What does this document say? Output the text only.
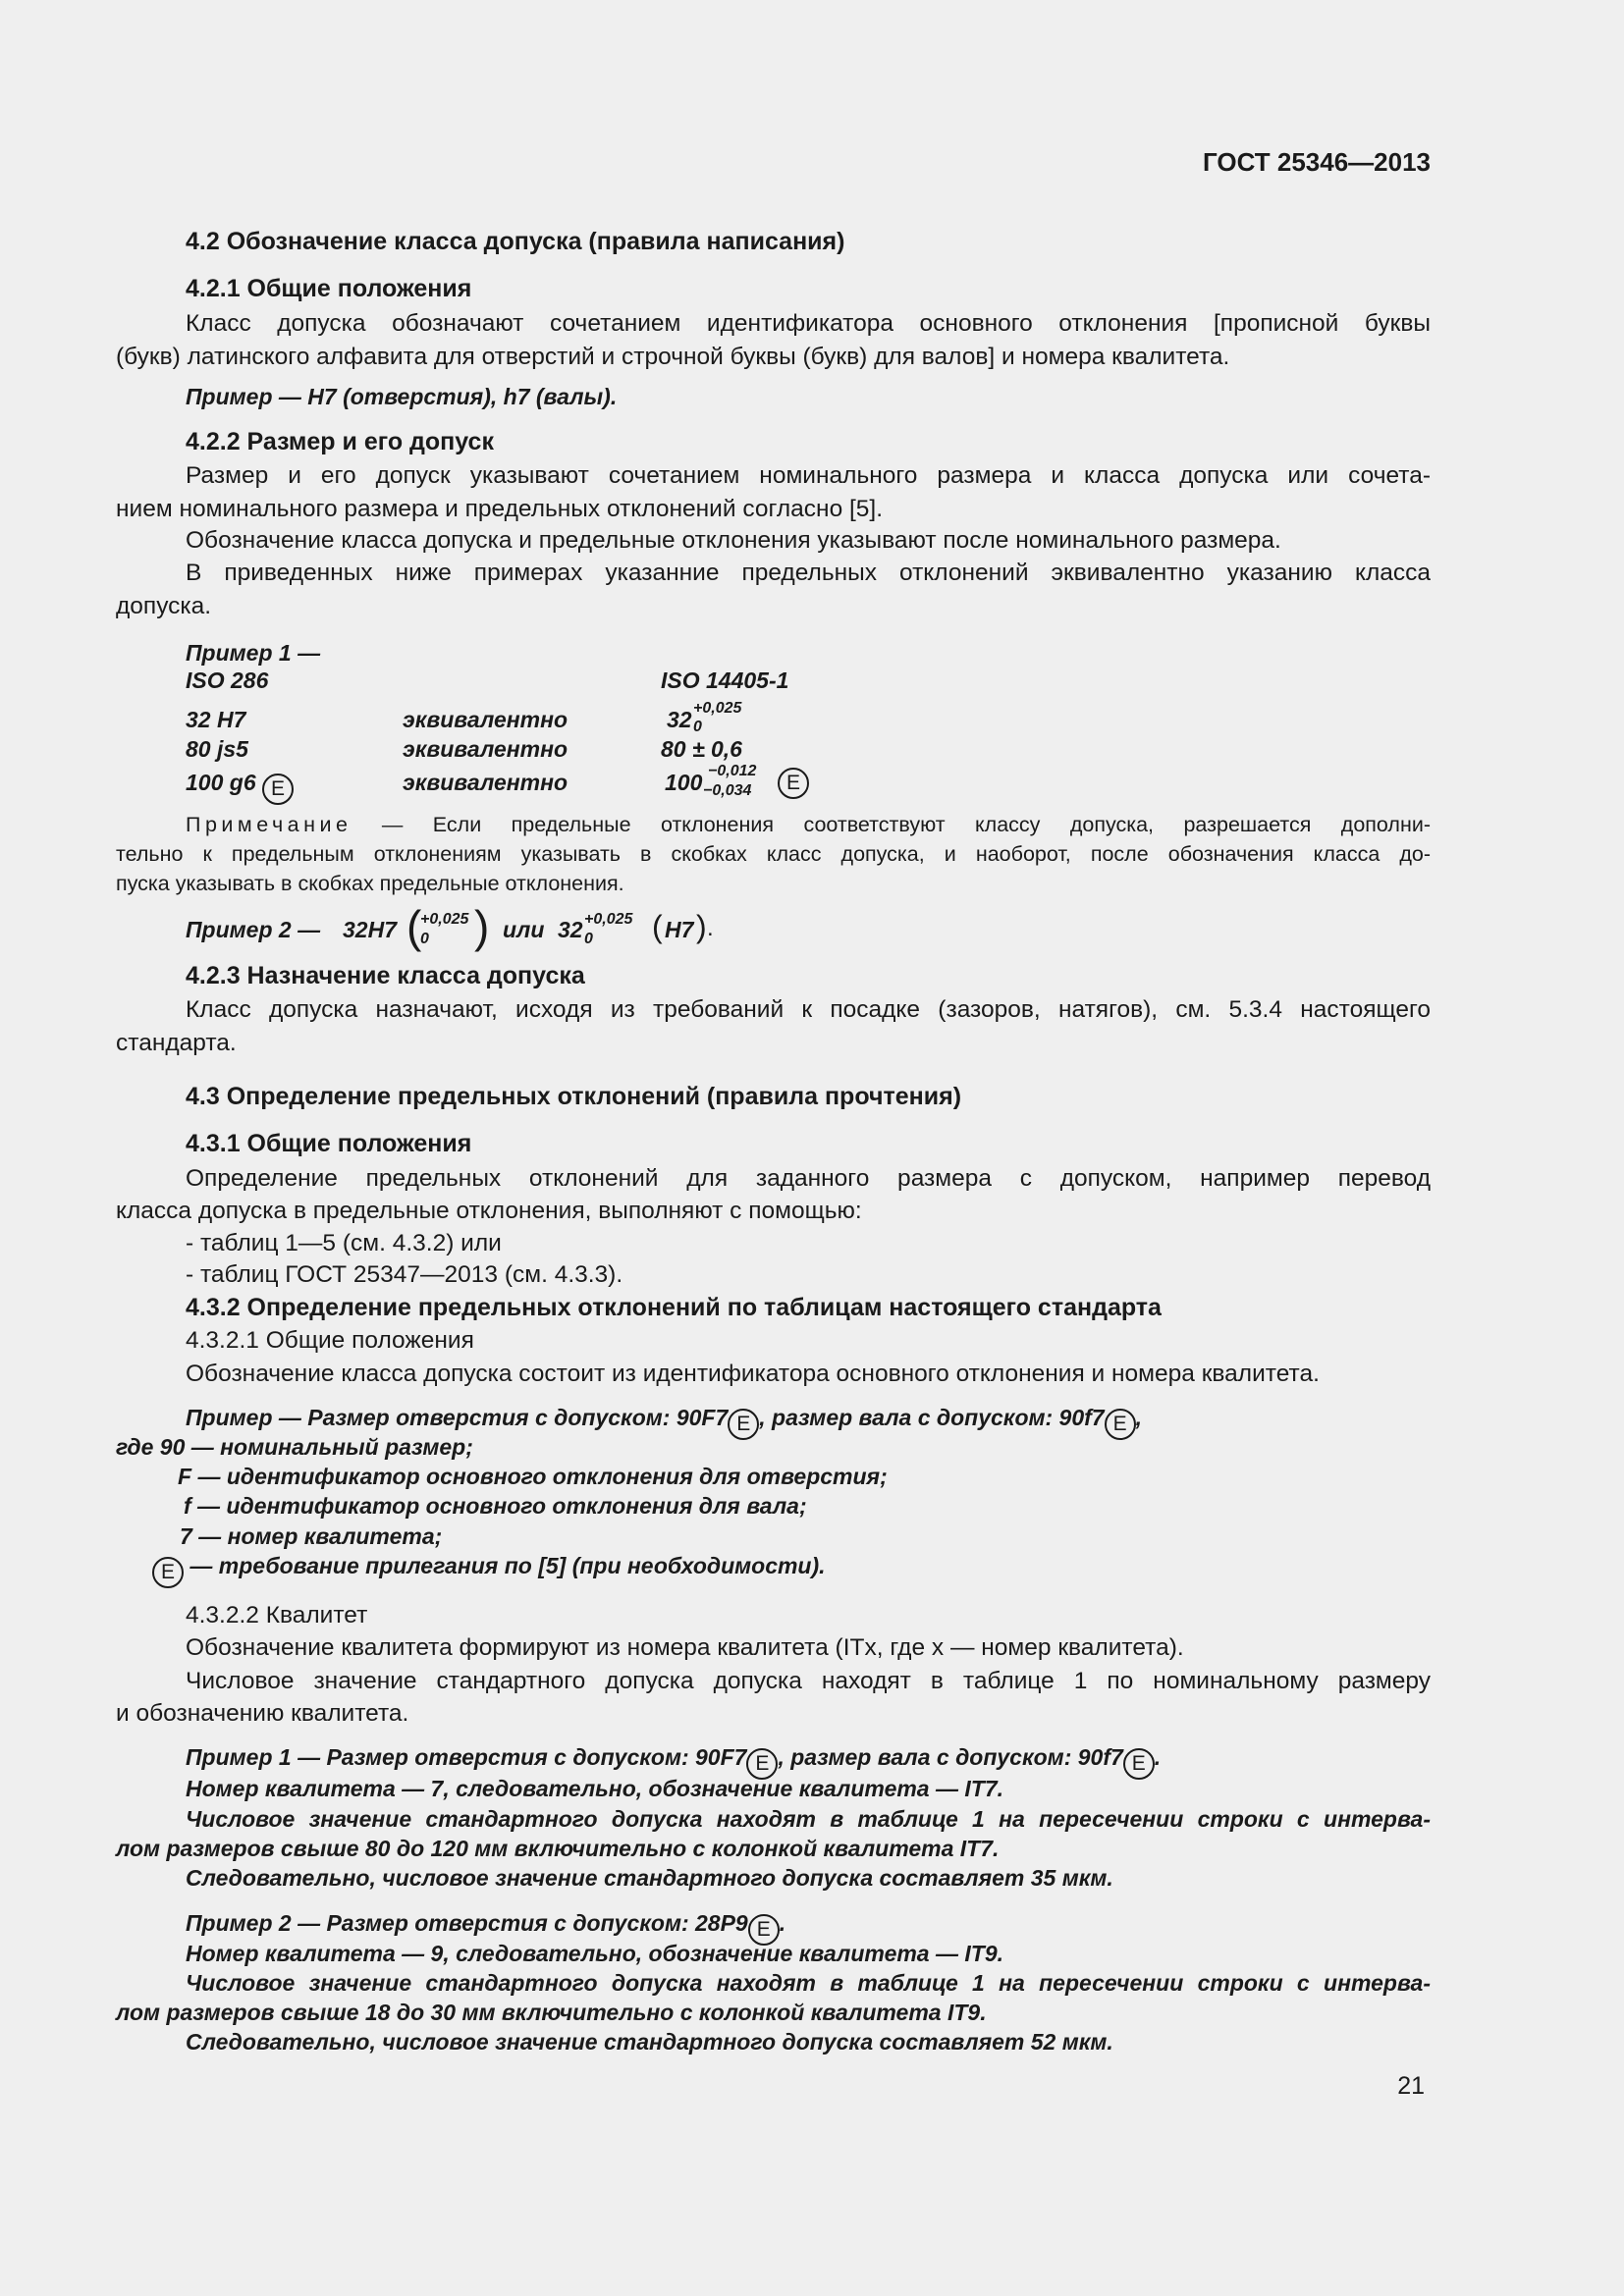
ГОСТ 25346—2013
4.2 Обозначение класса допуска (правила написания)
4.2.1 Общие положения
Класс допуска обозначают сочетанием идентификатора основного отклонения [прописной буквы
(букв) латинского алфавита для отверстий и строчной буквы (букв) для валов] и номера квалитета.
Пример — H7 (отверстия), h7 (валы).
4.2.2 Размер и его допуск
Размер и его допуск указывают сочетанием номинального размера и класса допуска или сочета-
нием номинального размера и предельных отклонений согласно [5].
Обозначение класса допуска и предельные отклонения указывают после номинального размера.
В приведенных ниже примерах указанние предельных отклонений эквивалентно указанию класса
допуска.
Пример 1 —
ISO 286	ISO 14405-1
32 H7	эквивалентно	32 +0,025
0
80 js5	эквивалентно	80 ± 0,6
100 g6 E	эквивалентно	100 −0,012
−0,034	E
Примечание — Если предельные отклонения соответствуют классу допуска, разрешается дополни-
тельно к предельным отклонениям указывать в скобках класс допуска, и наоборот, после обозначения класса до-
пуска указывать в скобках предельные отклонения.
Пример 2 — 32H7 (
+0,025
0 ) или 32 +0,025
0 ( H7 ) .
4.2.3 Назначение класса допуска
Класс допуска назначают, исходя из требований к посадке (зазоров, натягов), см. 5.3.4 настоящего
стандарта.
4.3 Определение предельных отклонений (правила прочтения)
4.3.1 Общие положения
Определение предельных отклонений для заданного размера с допуском, например перевод
класса допуска в предельные отклонения, выполняют с помощью:
- таблиц 1—5 (см. 4.3.2) или
- таблиц ГОСТ 25347—2013 (см. 4.3.3).
4.3.2 Определение предельных отклонений по таблицам настоящего стандарта
4.3.2.1 Общие положения
Обозначение класса допуска состоит из идентификатора основного отклонения и номера квалитета.
Пример — Размер отверстия с допуском: 90F7 E , размер вала с допуском: 90f7 E ,
где 90 — номинальный размер;
F — идентификатор основного отклонения для отверстия;
f — идентификатор основного отклонения для вала;
7 — номер квалитета;
E — требование прилегания по [5] (при необходимости).
4.3.2.2 Квалитет
Обозначение квалитета формируют из номера квалитета (ITx, где x — номер квалитета).
Числовое значение стандартного допуска допуска находят в таблице 1 по номинальному размеру
и обозначению квалитета.
Пример 1 — Размер отверстия с допуском: 90F7 E , размер вала с допуском: 90f7 E .
Номер квалитета — 7, следовательно, обозначение квалитета — IT7.
Числовое значение стандартного допуска находят в таблице 1 на пересечении строки с интерва-
лом размеров свыше 80 до 120 мм включительно с колонкой квалитета IT7.
Следовательно, числовое значение стандартного допуска составляет 35 мкм.
Пример 2 — Размер отверстия с допуском: 28P9 E .
Номер квалитета — 9, следовательно, обозначение квалитета — IT9.
Числовое значение стандартного допуска находят в таблице 1 на пересечении строки с интерва-
лом размеров свыше 18 до 30 мм включительно с колонкой квалитета IT9.
Следовательно, числовое значение стандартного допуска составляет 52 мкм.
21
